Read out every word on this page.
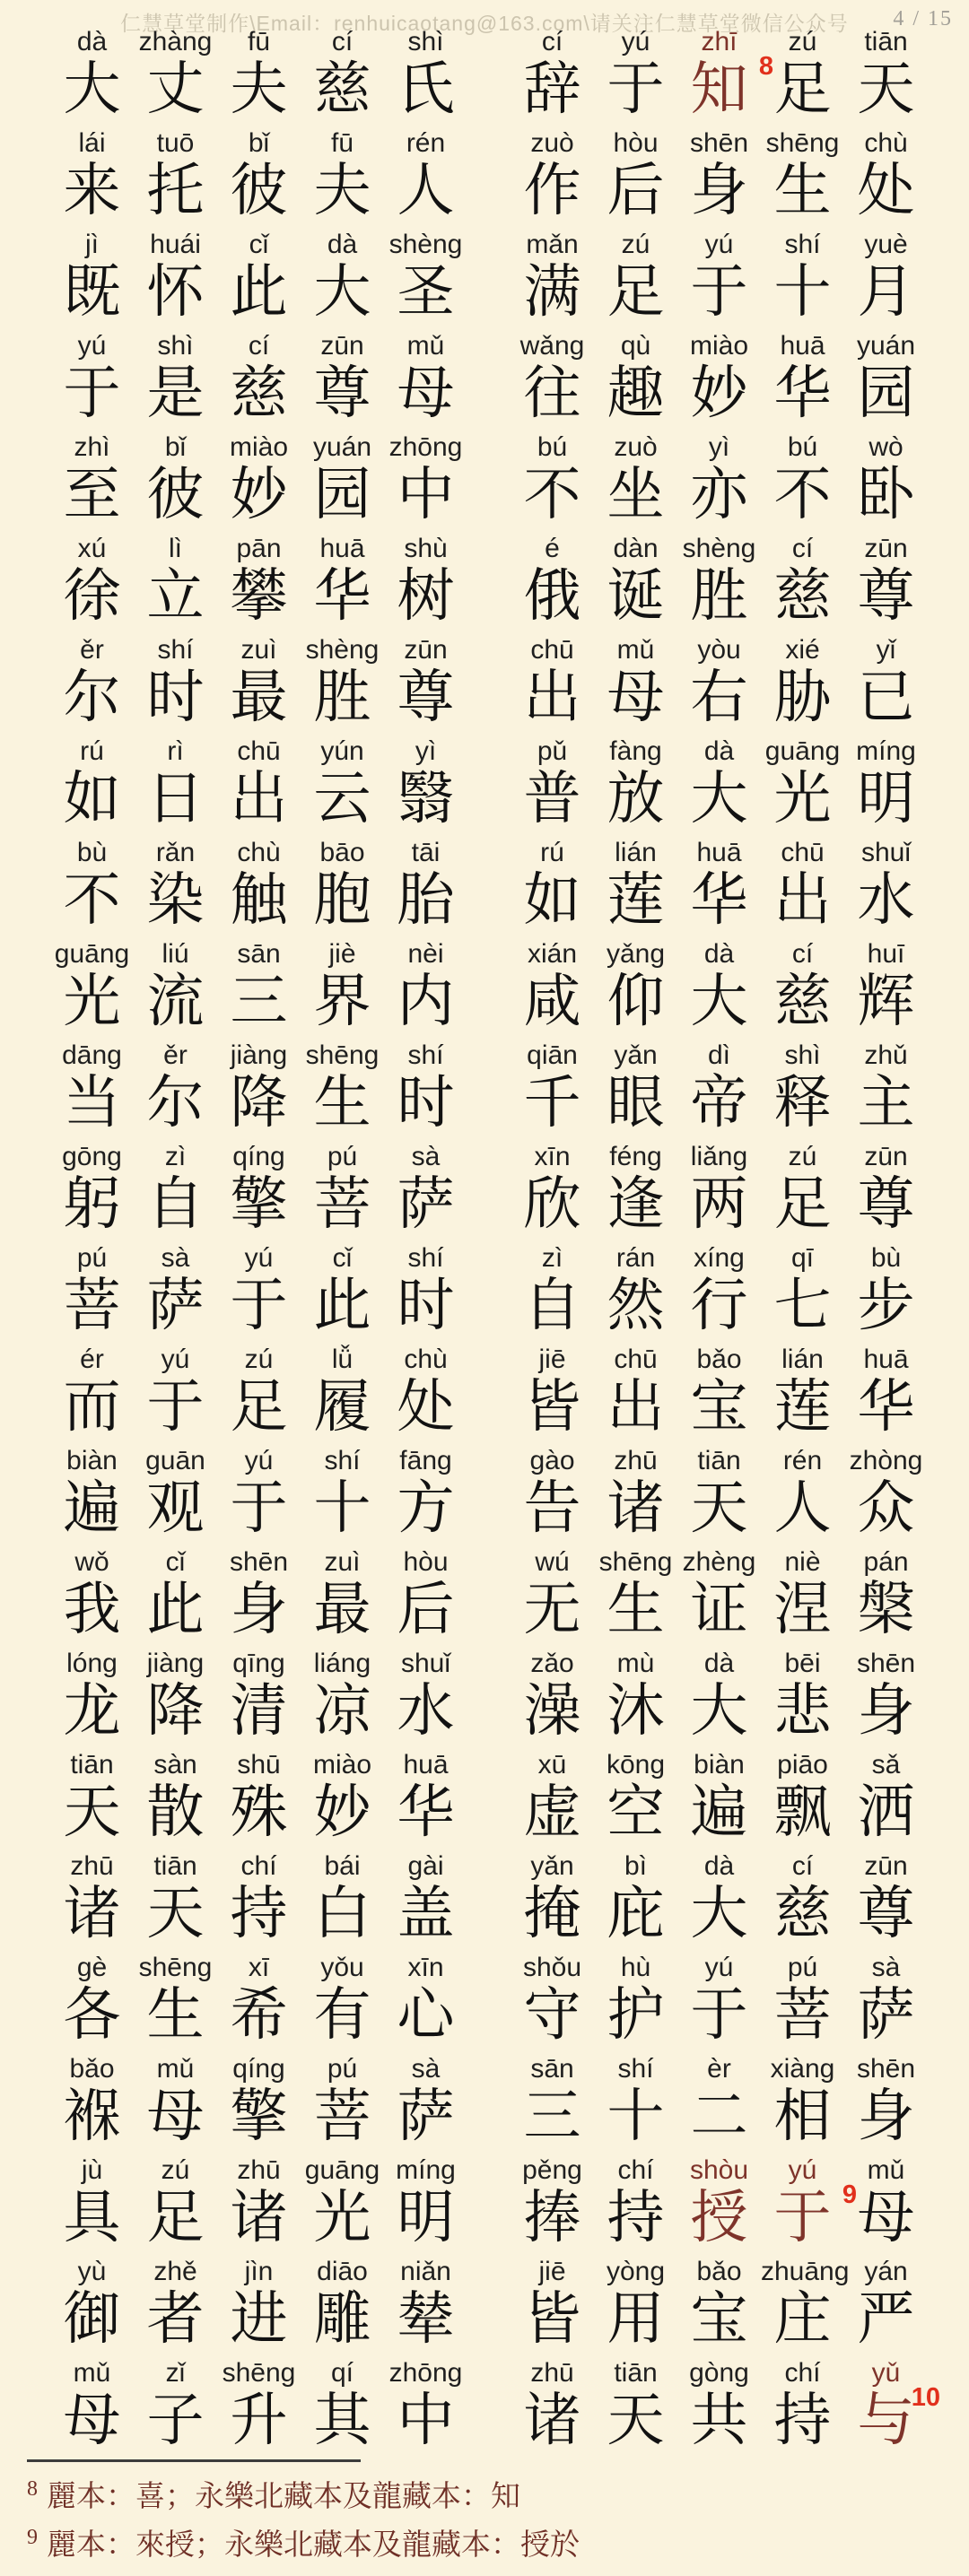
仁慧草堂制作\Email：renhuicaotang@163.com\请关注仁慧草堂微信公众号	4 / 15
dà
大
zhàng
丈
fū
夫
cí
慈
shì
氏
cí
辞
yú
于
zhī
知 8
zú
足
tiān
天
lái
来
tuō
托
bǐ
彼
fū
夫
rén
人
zuò
作
hòu
后
shēn
身
shēng
生
chù
处
jì
既
huái
怀
cǐ
此
dà
大
shèng
圣
mǎn
满
zú
足
yú
于
shí
十
yuè
月
yú
于
shì
是
cí
慈
zūn
尊
mǔ
母
wǎng
往
qù
趣
miào
妙
huā
华
yuán
园
zhì
至
bǐ
彼
miào
妙
yuán
园
zhōng
中
bú
不
zuò
坐
yì
亦
bú
不
wò
卧
xú
徐
lì
立
pān
攀
huā
华
shù
树
é
俄
dàn
诞
shèng
胜
cí
慈
zūn
尊
ěr
尔
shí
时
zuì
最
shèng
胜
zūn
尊
chū
出
mǔ
母
yòu
右
xié
胁
yǐ
已
rú
如
rì
日
chū
出
yún
云
yì
翳
pǔ
普
fàng
放
dà
大
guāng
光
míng
明
bù
不
rǎn
染
chù
触
bāo
胞
tāi
胎
rú
如
lián
莲
huā
华
chū
出
shuǐ
水
guāng
光
liú
流
sān
三
jiè
界
nèi
内
xián
咸
yǎng
仰
dà
大
cí
慈
huī
辉
dāng
当
ěr
尔
jiàng
降
shēng
生
shí
时
qiān
千
yǎn
眼
dì
帝
shì
释
zhǔ
主
gōng
躬
zì
自
qíng
擎
pú
菩
sà
萨
xīn
欣
féng
逢
liǎng
两
zú
足
zūn
尊
pú
菩
sà
萨
yú
于
cǐ
此
shí
时
zì
自
rán
然
xíng
行
qī
七
bù
步
ér
而
yú
于
zú
足
lǚ
履
chù
处
jiē
皆
chū
出
bǎo
宝
lián
莲
huā
华
biàn
遍
guān
观
yú
于
shí
十
fāng
方
gào
告
zhū
诸
tiān
天
rén
人
zhòng
众
wǒ
我
cǐ
此
shēn
身
zuì
最
hòu
后
wú
无
shēng
生
zhèng
证
niè
涅
pán
槃
lóng
龙
jiàng
降
qīng
清
liáng
凉
shuǐ
水
zǎo
澡
mù
沐
dà
大
bēi
悲
shēn
身
tiān
天
sàn
散
shū
殊
miào
妙
huā
华
xū
虚
kōng
空
biàn
遍
piāo
飘
sǎ
洒
zhū
诸
tiān
天
chí
持
bái
白
gài
盖
yǎn
掩
bì
庇
dà
大
cí
慈
zūn
尊
gè
各
shēng
生
xī
希
yǒu
有
xīn
心
shǒu
守
hù
护
yú
于
pú
菩
sà
萨
bǎo
褓
mǔ
母
qíng
擎
pú
菩
sà
萨
sān
三
shí
十
èr
二
xiàng
相
shēn
身
jù
具
zú
足
zhū
诸
guāng
光
míng
明
pěng
捧
chí
持
shòu
授
yú
于 9
mǔ
母
yù
御
zhě
者
jìn
进
diāo
雕
niǎn
辇
jiē
皆
yòng
用
bǎo
宝
zhuāng
庄
yán
严
mǔ
母
zǐ
子
shēng
升
qí
其
zhōng
中
zhū
诸
tiān
天
gòng
共
chí
持
yǔ
与
10
$^8$ 麗本：喜；永樂北藏本及龍藏本：知
$^9$ 麗本：來授；永樂北藏本及龍藏本：授於
